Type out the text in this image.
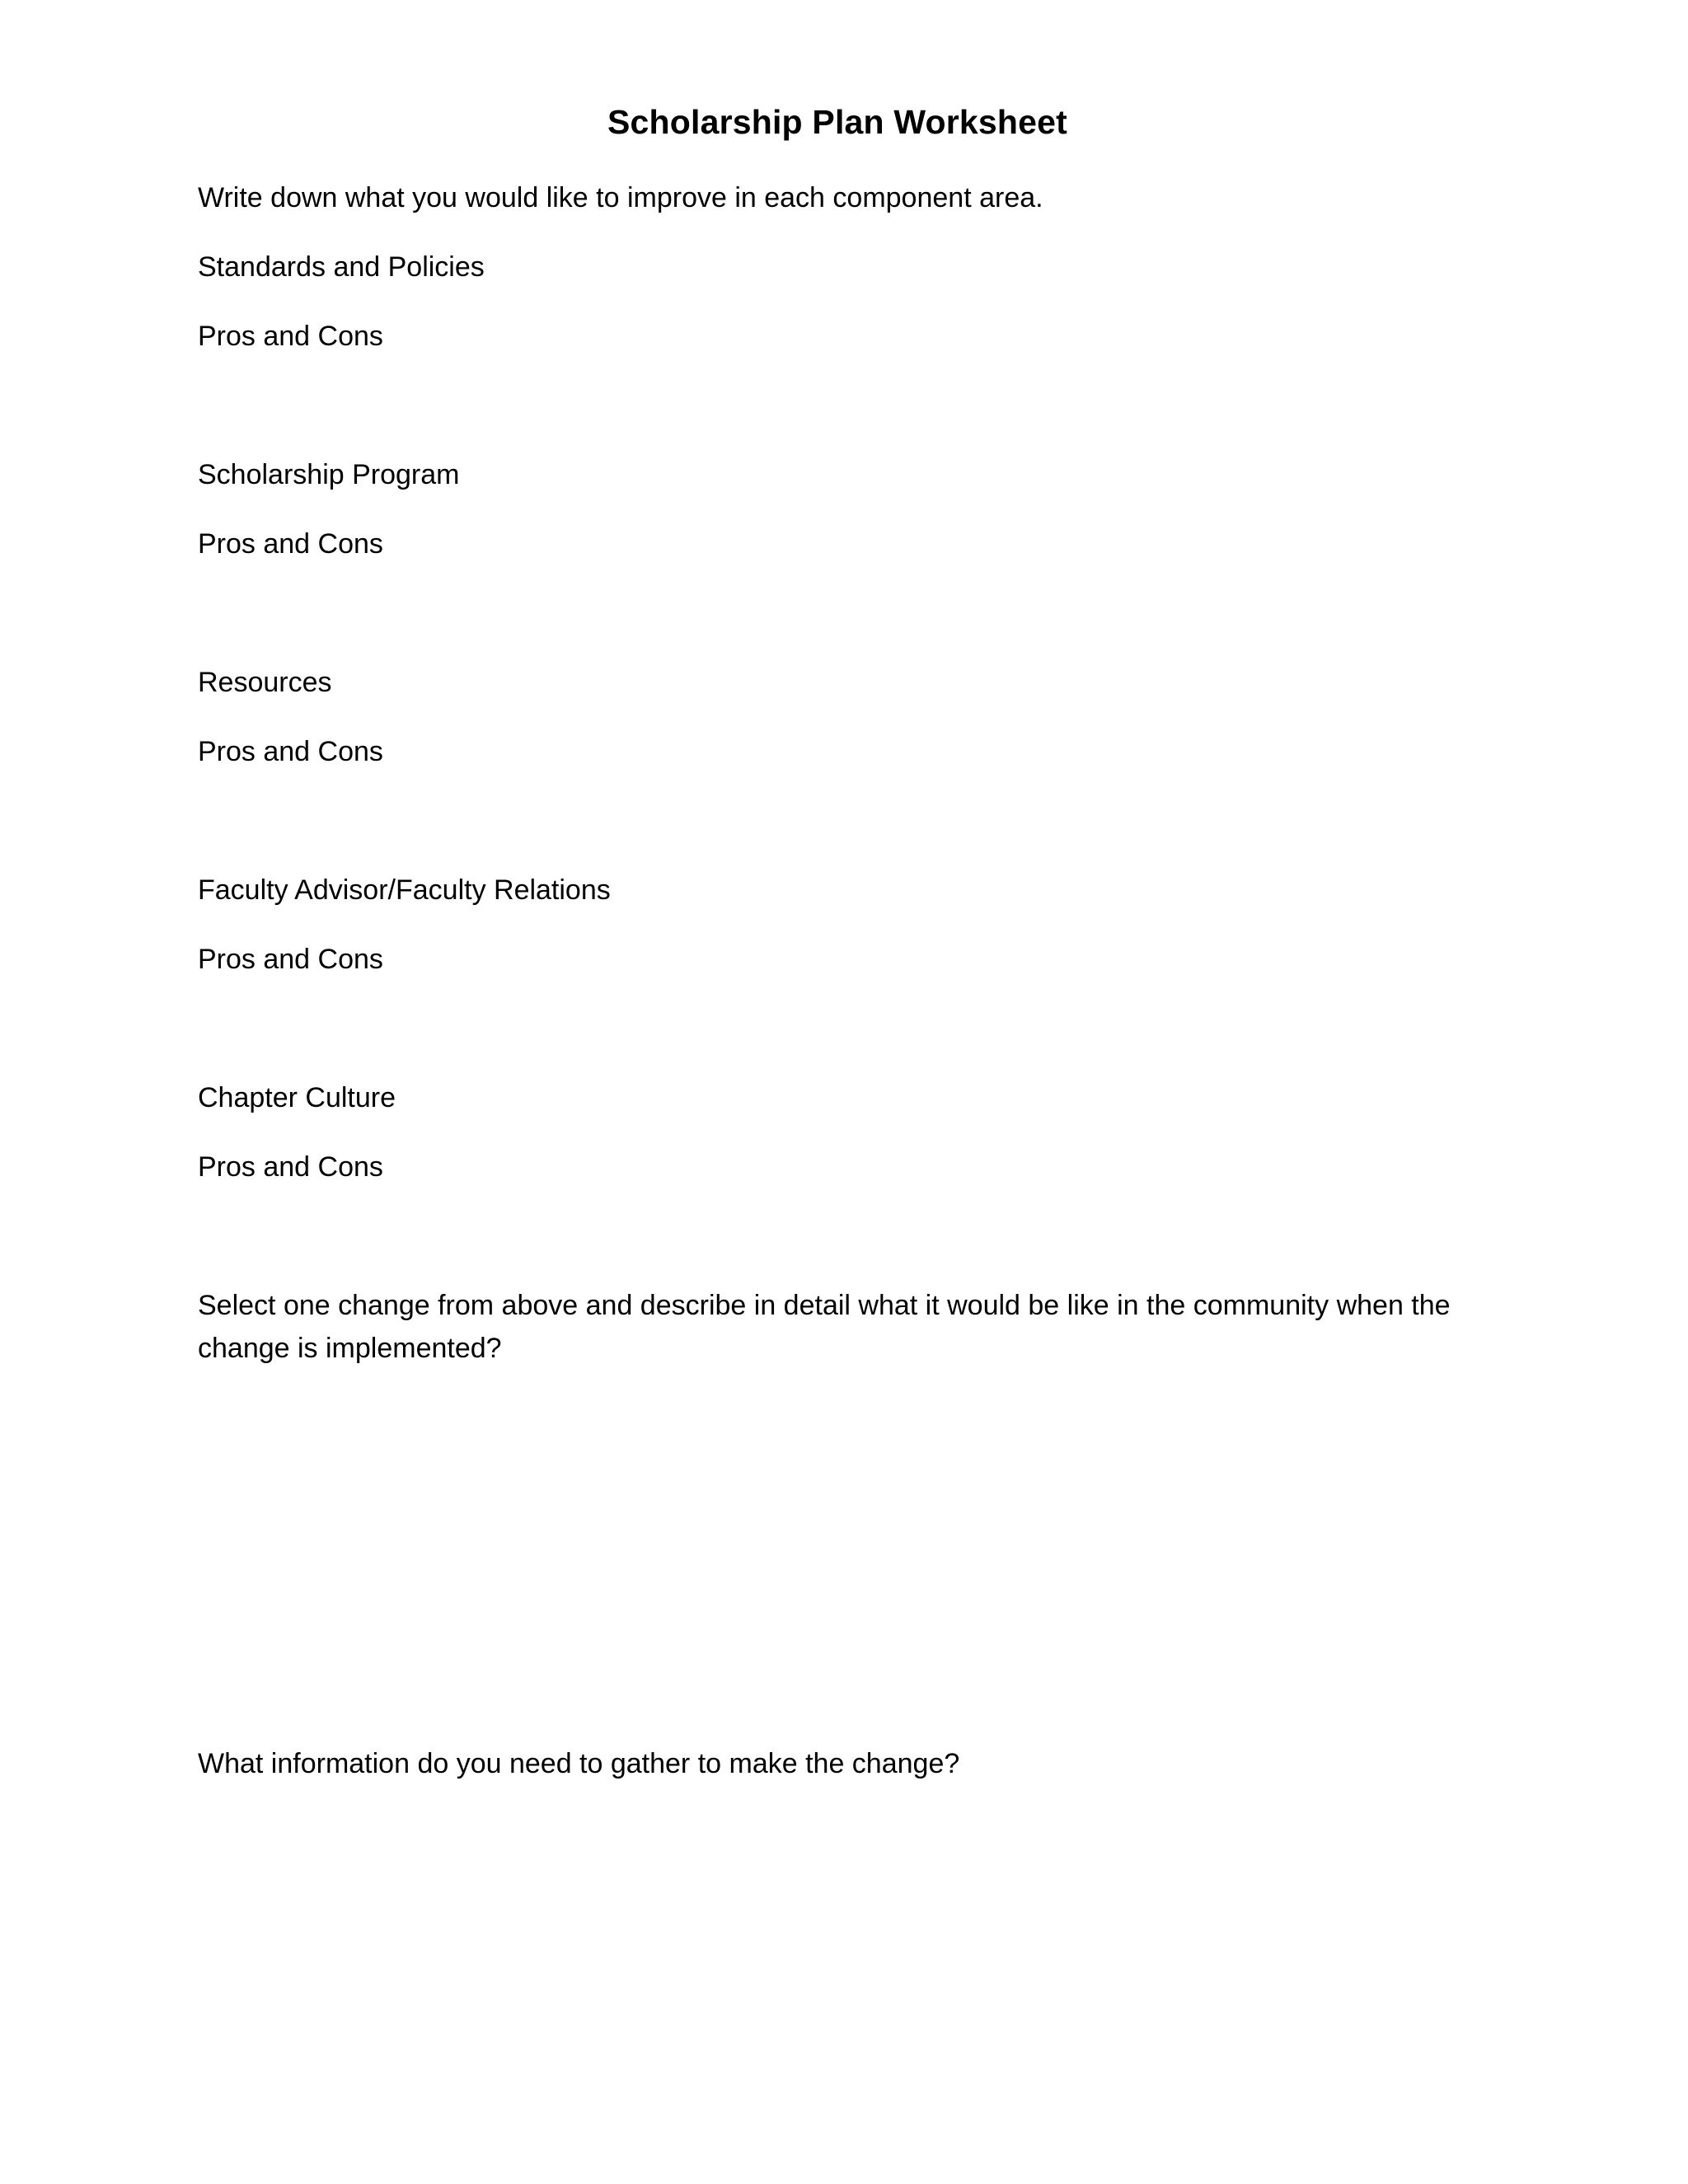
Scholarship Plan Worksheet
Write down what you would like to improve in each component area.
Standards and Policies
Pros and Cons
Scholarship Program
Pros and Cons
Resources
Pros and Cons
Faculty Advisor/Faculty Relations
Pros and Cons
Chapter Culture
Pros and Cons
Select one change from above and describe in detail what it would be like in the community when the change is implemented?
What information do you need to gather to make the change?
